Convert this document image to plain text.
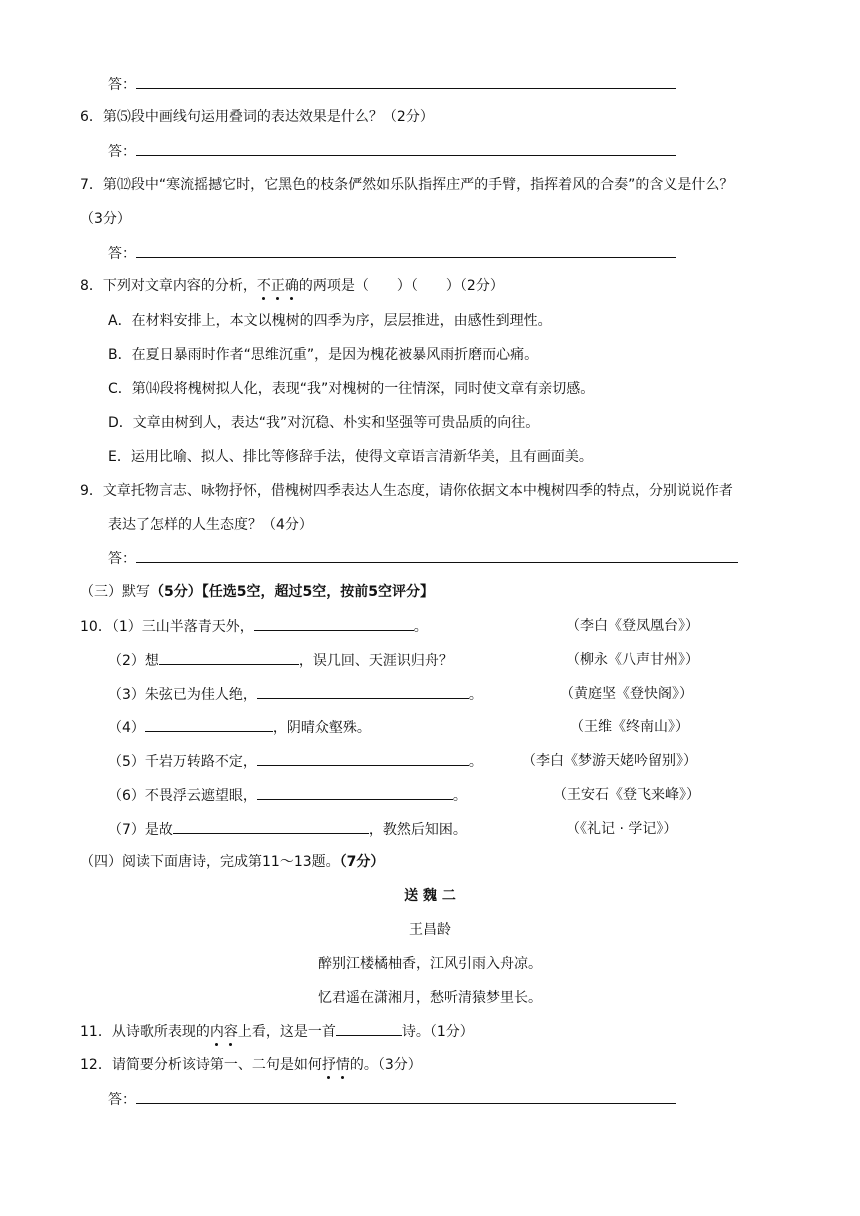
答：
6．第⑸段中画线句运用叠词的表达效果是什么？（2分）
答：
7．第⑿段中“寒流摇撼它时，它黑色的枝条俨然如乐队指挥庄严的手臂，指挥着风的合奏”的含义是什么？
（3分）
答：
8．下列对文章内容的分析，不正确的两项是（　　）（　　）（2分）
A．在材料安排上，本文以槐树的四季为序，层层推进，由感性到理性。
B．在夏日暴雨时作者“思维沉重”，是因为槐花被暴风雨折磨而心痛。
C．第⒁段将槐树拟人化，表现“我”对槐树的一往情深，同时使文章有亲切感。
D．文章由树到人，表达“我”对沉稳、朴实和坚强等可贵品质的向往。
E．运用比喻、拟人、排比等修辞手法，使得文章语言清新华美，且有画面美。
9．文章托物言志、咏物抒怀，借槐树四季表达人生态度，请你依据文本中槐树四季的特点，分别说说作者
表达了怎样的人生态度？（4分）
答：
（三）默写（5分）【任选5空，超过5空，按前5空评分】
10．（1）三山半落青天外，	。	（李白《登凤凰台》）
（2）想	，误几回、天涯识归舟？	（柳永《八声甘州》）
（3）朱弦已为佳人绝，	。	（黄庭坚《登快阁》）
（4）	，阴晴众壑殊。	（王维《终南山》）
（5）千岩万转路不定，	。	（李白《梦游天姥吟留别》）
（6）不畏浮云遮望眼，	。	（王安石《登飞来峰》）
（7）是故	，教然后知困。	（《礼记 · 学记》）
（四）阅读下面唐诗，完成第11～13题。（7分）
送 魏 二
王昌龄
醉别江楼橘柚香，江风引雨入舟凉。
忆君遥在潇湘月，愁听清猿梦里长。
11．从诗歌所表现的内容上看，这是一首	诗。（1分）
12．请简要分析该诗第一、二句是如何抒情的。（3分）
答：
